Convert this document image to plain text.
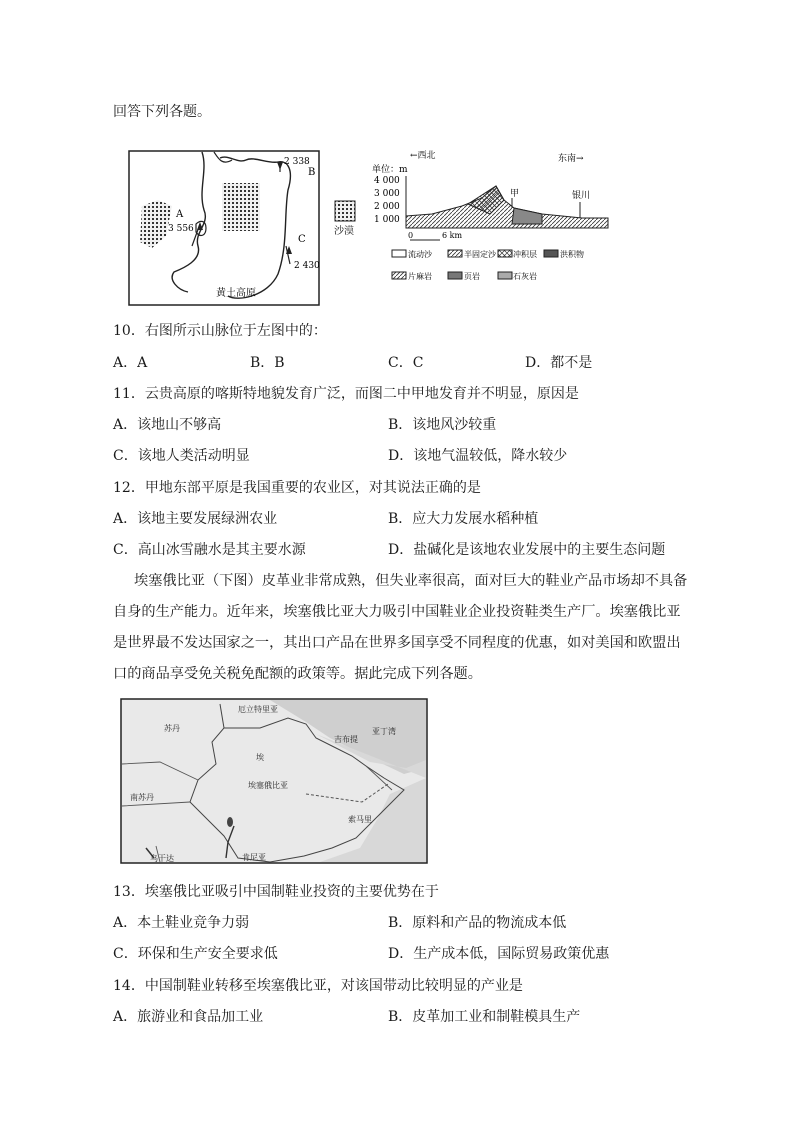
回答下列各题。
A
3 556
2 338
B
C
2 430
黄土高原
沙漠
←西北	东南→
单位：m
4 000
3 000
2 000
1 000
甲	银川
0	6 km
流动沙	半固定沙 冲积层	洪积物
片麻岩	页岩	石灰岩
10．右图所示山脉位于左图中的：
A．A	B．B	C．C	D．都不是
11．云贵高原的喀斯特地貌发育广泛，而图二中甲地发育并不明显，原因是
A．该地山不够高	B．该地风沙较重
C．该地人类活动明显	D．该地气温较低，降水较少
12．甲地东部平原是我国重要的农业区，对其说法正确的是
A．该地主要发展绿洲农业	B．应大力发展水稻种植
C．高山冰雪融水是其主要水源	D．盐碱化是该地农业发展中的主要生态问题
埃塞俄比亚（下图）皮革业非常成熟，但失业率很高，面对巨大的鞋业产品市场却不具备
自身的生产能力。近年来，埃塞俄比亚大力吸引中国鞋业企业投资鞋类生产厂。埃塞俄比亚
是世界最不发达国家之一，其出口产品在世界多国享受不同程度的优惠，如对美国和欧盟出
口的商品享受免关税免配额的政策等。据此完成下列各题。
厄立特里亚
苏丹
吉布提
亚丁湾
埃
埃塞俄比亚
南苏丹
索马里
乌干达	肯尼亚
13．埃塞俄比亚吸引中国制鞋业投资的主要优势在于
A．本土鞋业竞争力弱	B．原料和产品的物流成本低
C．环保和生产安全要求低	D．生产成本低，国际贸易政策优惠
14．中国制鞋业转移至埃塞俄比亚，对该国带动比较明显的产业是
A．旅游业和食品加工业	B．皮革加工业和制鞋模具生产
